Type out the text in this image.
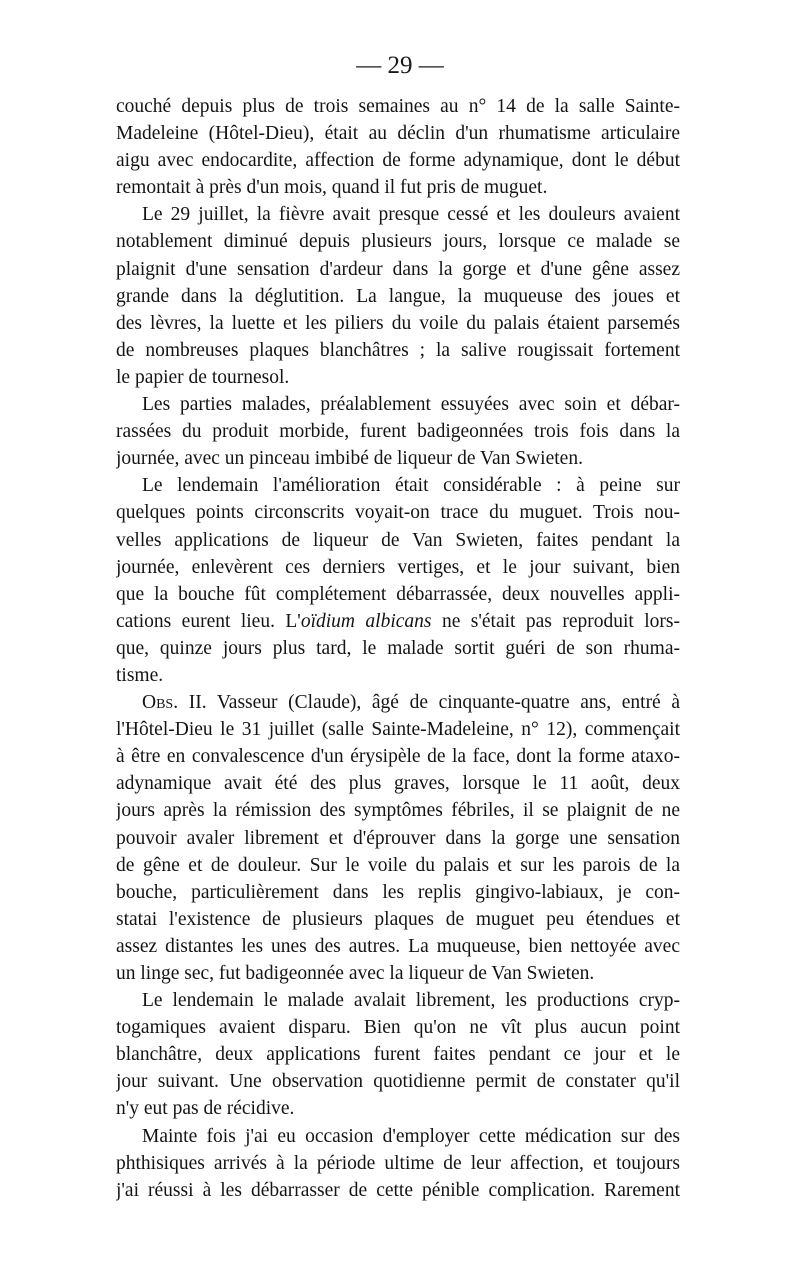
— 29 —
couché depuis plus de trois semaines au n° 14 de la salle Sainte-
Madeleine (Hôtel-Dieu), était au déclin d'un rhumatisme articulaire
aigu avec endocardite, affection de forme adynamique, dont le début
remontait à près d'un mois, quand il fut pris de muguet.
Le 29 juillet, la fièvre avait presque cessé et les douleurs avaient
notablement diminué depuis plusieurs jours, lorsque ce malade se
plaignit d'une sensation d'ardeur dans la gorge et d'une gêne assez
grande dans la déglutition. La langue, la muqueuse des joues et
des lèvres, la luette et les piliers du voile du palais étaient parsemés
de nombreuses plaques blanchâtres ; la salive rougissait fortement
le papier de tournesol.
Les parties malades, préalablement essuyées avec soin et débar-
rassées du produit morbide, furent badigeonnées trois fois dans la
journée, avec un pinceau imbibé de liqueur de Van Swieten.
Le lendemain l'amélioration était considérable : à peine sur
quelques points circonscrits voyait-on trace du muguet. Trois nou-
velles applications de liqueur de Van Swieten, faites pendant la
journée, enlevèrent ces derniers vertiges, et le jour suivant, bien
que la bouche fût complétement débarrassée, deux nouvelles appli-
cations eurent lieu. L'oïdium albicans ne s'était pas reproduit lors-
que, quinze jours plus tard, le malade sortit guéri de son rhuma-
tisme.
Obs. II. Vasseur (Claude), âgé de cinquante-quatre ans, entré à
l'Hôtel-Dieu le 31 juillet (salle Sainte-Madeleine, n° 12), commençait
à être en convalescence d'un érysipèle de la face, dont la forme ataxo-
adynamique avait été des plus graves, lorsque le 11 août, deux
jours après la rémission des symptômes fébriles, il se plaignit de ne
pouvoir avaler librement et d'éprouver dans la gorge une sensation
de gêne et de douleur. Sur le voile du palais et sur les parois de la
bouche, particulièrement dans les replis gingivo-labiaux, je con-
statai l'existence de plusieurs plaques de muguet peu étendues et
assez distantes les unes des autres. La muqueuse, bien nettoyée avec
un linge sec, fut badigeonnée avec la liqueur de Van Swieten.
Le lendemain le malade avalait librement, les productions cryp-
togamiques avaient disparu. Bien qu'on ne vît plus aucun point
blanchâtre, deux applications furent faites pendant ce jour et le
jour suivant. Une observation quotidienne permit de constater qu'il
n'y eut pas de récidive.
Mainte fois j'ai eu occasion d'employer cette médication sur des
phthisiques arrivés à la période ultime de leur affection, et toujours
j'ai réussi à les débarrasser de cette pénible complication. Rarement
